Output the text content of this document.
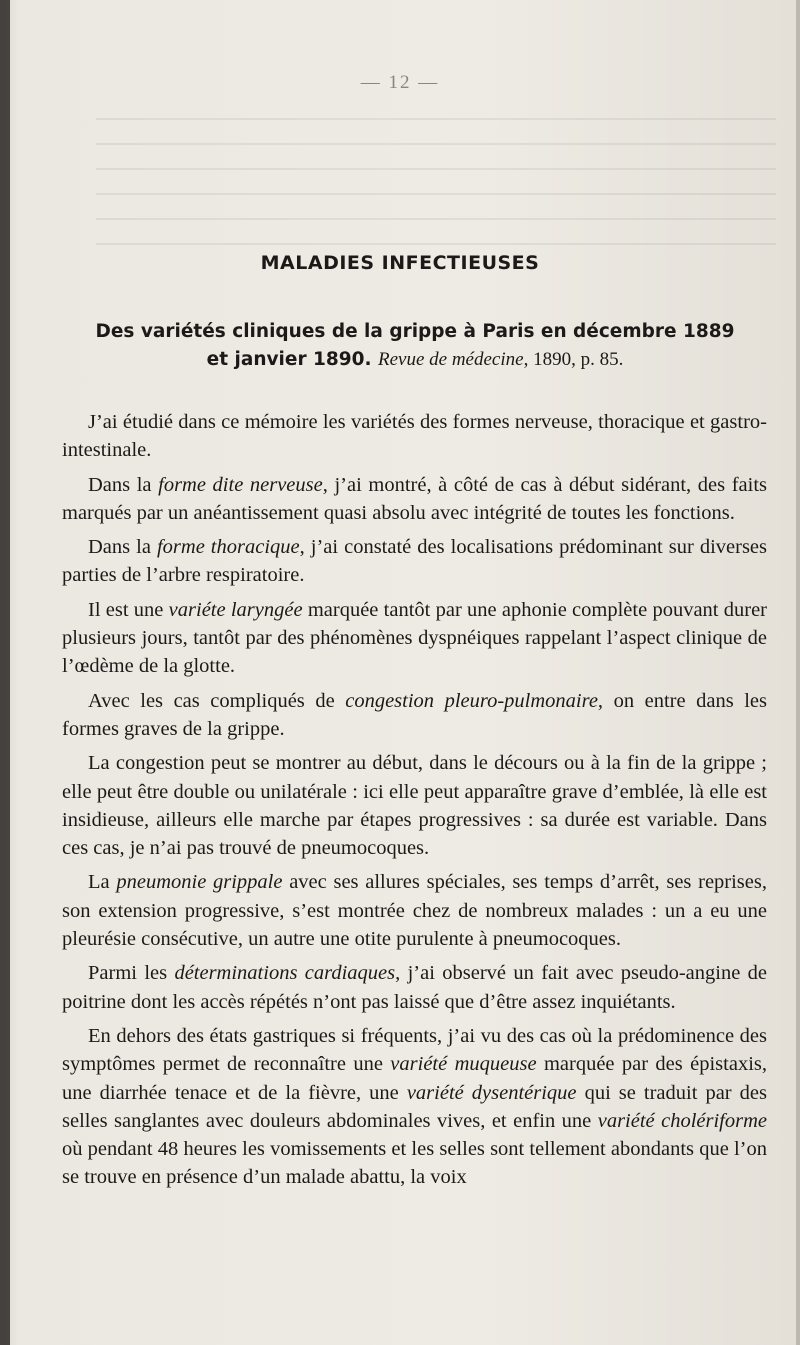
— 12 —
MALADIES INFECTIEUSES
Des variétés cliniques de la grippe à Paris en décembre 1889
et janvier 1890. Revue de médecine, 1890, p. 85.

J’ai étudié dans ce mémoire les variétés des formes nerveuse, thoracique et gastro-intestinale.

Dans la forme dite nerveuse, j’ai montré, à côté de cas à début sidérant, des faits marqués par un anéantissement quasi absolu avec intégrité de toutes les fonctions.

Dans la forme thoracique, j’ai constaté des localisations prédominant sur diverses parties de l’arbre respiratoire.

Il est une variéte laryngée marquée tantôt par une aphonie complète pouvant durer plusieurs jours, tantôt par des phénomènes dyspnéiques rappelant l’aspect clinique de l’œdème de la glotte.

Avec les cas compliqués de congestion pleuro-pulmonaire, on entre dans les formes graves de la grippe.

La congestion peut se montrer au début, dans le décours ou à la fin de la grippe ; elle peut être double ou unilatérale : ici elle peut apparaître grave d’emblée, là elle est insidieuse, ailleurs elle marche par étapes progressives : sa durée est variable. Dans ces cas, je n’ai pas trouvé de pneumocoques.

La pneumonie grippale avec ses allures spéciales, ses temps d’arrêt, ses reprises, son extension progressive, s’est montrée chez de nombreux malades : un a eu une pleurésie consécutive, un autre une otite purulente à pneumocoques.

Parmi les déterminations cardiaques, j’ai observé un fait avec pseudo-angine de poitrine dont les accès répétés n’ont pas laissé que d’être assez inquiétants.

En dehors des états gastriques si fréquents, j’ai vu des cas où la prédominence des symptômes permet de reconnaître une variété muqueuse marquée par des épistaxis, une diarrhée tenace et de la fièvre, une variété dysentérique qui se traduit par des selles sanglantes avec douleurs abdominales vives, et enfin une variété cholériforme où pendant 48 heures les vomissements et les selles sont tellement abondants que l’on se trouve en présence d’un malade abattu, la voix
